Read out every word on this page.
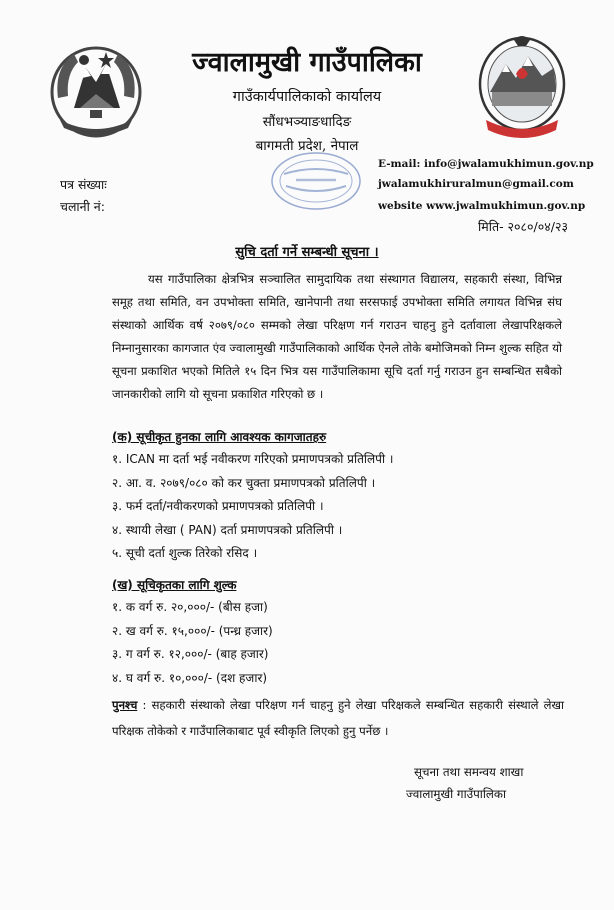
ज्वालामुखी गाउँपालिका
गाउँकार्यपालिकाको कार्यालय
सौंधभञ्याङधादिङ
बागमती प्रदेश, नेपाल
E-mail: info@jwalamukhimun.gov.np
jwalamukhiruralmun@gmail.com
website www.jwalmukhimun.gov.np
पत्र संख्याः
चलानी नं:
मिति- २०८०/०४/२३
सुचि दर्ता गर्ने सम्बन्धी सूचना ।
यस गाउँपालिका क्षेत्रभित्र सञ्चालित सामुदायिक तथा संस्थागत विद्यालय, सहकारी संस्था, विभिन्न समूह तथा समिति, वन उपभोक्ता समिति, खानेपानी तथा सरसफाई उपभोक्ता समिति लगायत विभिन्न संघ संस्थाको आर्थिक वर्ष २०७९/०८० सम्मको लेखा परिक्षण गर्न गराउन चाहनु हुने दर्तावाला लेखापरिक्षकले निम्नानुसारका कागजात एंव ज्वालामुखी गाउँपालिकाको आर्थिक ऐनले तोके बमोजिमको निम्न शुल्क सहित यो सूचना प्रकाशित भएको मितिले १५ दिन भित्र यस गाउँपालिकामा सूचि दर्ता गर्नु गराउन हुन सम्बन्धित सबैको जानकारीको लागि यो सूचना प्रकाशित गरिएको छ ।
(क) सूचीकृत हुनका लागि आवश्यक कागजातहरु
१. ICAN मा दर्ता भई नवीकरण गरिएको प्रमाणपत्रको प्रतिलिपी ।
२. आ. व. २०७९/०८० को कर चुक्ता प्रमाणपत्रको प्रतिलिपी ।
३. फर्म दर्ता/नवीकरणको प्रमाणपत्रको प्रतिलिपी ।
४. स्थायी लेखा ( PAN) दर्ता प्रमाणपत्रको प्रतिलिपी ।
५. सूची दर्ता शुल्क तिरेको रसिद ।
(ख) सूचिकृतका लागि शुल्क
१. क वर्ग रु. २०,०००/- (बीस हजा)
२. ख वर्ग रु. १५,०००/- (पन्ध्र हजार)
३. ग वर्ग रु. १२,०००/- (बाह हजार)
४. घ वर्ग रु. १०,०००/- (दश हजार)
पुनश्च : सहकारी संस्थाको लेखा परिक्षण गर्न चाहनु हुने लेखा परिक्षकले सम्बन्धित सहकारी संस्थाले लेखा परिक्षक तोकेको र गाउँपालिकाबाट पूर्व स्वीकृति लिएको हुनु पर्नेछ ।
सूचना तथा समन्वय शाखा
ज्वालामुखी गाउँपालिका
